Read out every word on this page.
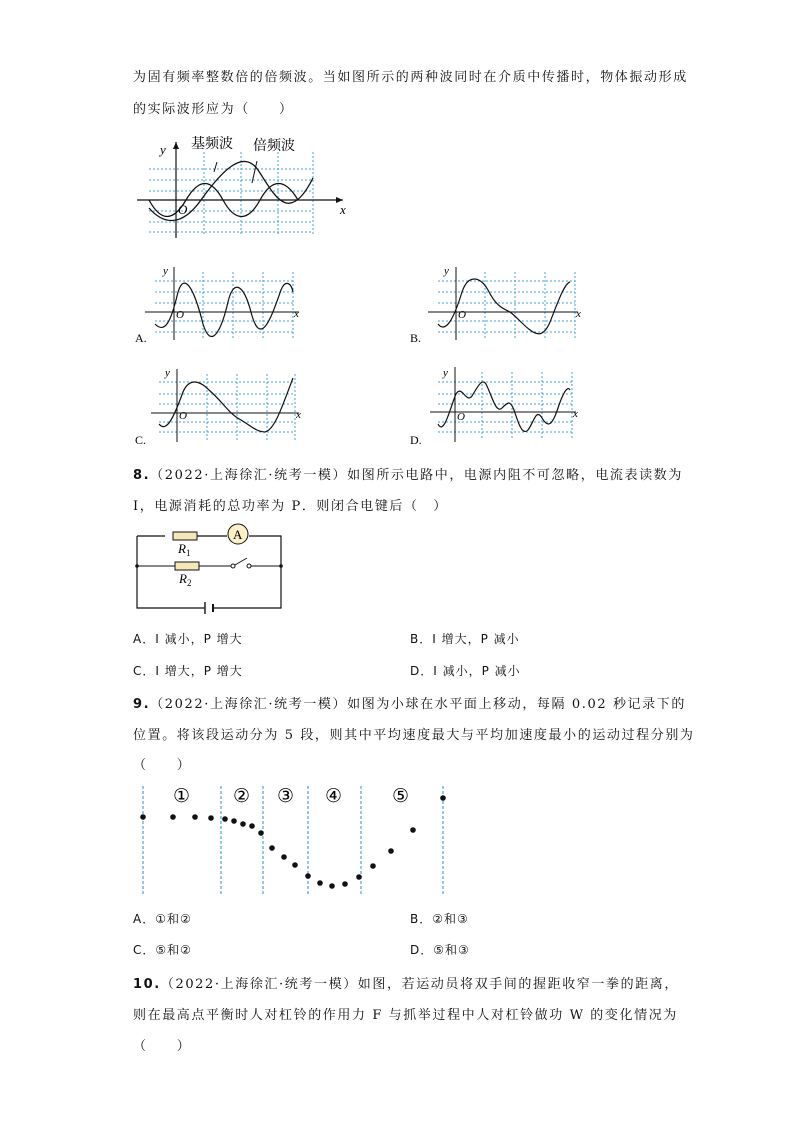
为固有频率整数倍的倍频波。当如图所示的两种波同时在介质中传播时，物体振动形成
的实际波形应为（　　）
基频波 倍频波
y
x
O
A.
y
x
O
B.
y
x
O
C.
y
x
O
D.
y
x
O
8.（2022·上海徐汇·统考一模）如图所示电路中，电源内阻不可忽略，电流表读数为
I，电源消耗的总功率为 P．则闭合电键后（　）
A
$R_1$
$R_2$
A．I 减小，P 增大	B．I 增大，P 减小
C．I 增大，P 增大	D．I 减小，P 减小
9.（2022·上海徐汇·统考一模）如图为小球在水平面上移动，每隔 0.02 秒记录下的
位置。将该段运动分为 5 段，则其中平均速度最大与平均加速度最小的运动过程分别为
（　　）
① ② ③ ④	⑤
A．①和②	B．②和③
C．⑤和②	D．⑤和③
10.（2022·上海徐汇·统考一模）如图，若运动员将双手间的握距收窄一拳的距离，
则在最高点平衡时人对杠铃的作用力 F 与抓举过程中人对杠铃做功 W 的变化情况为
（　　）
